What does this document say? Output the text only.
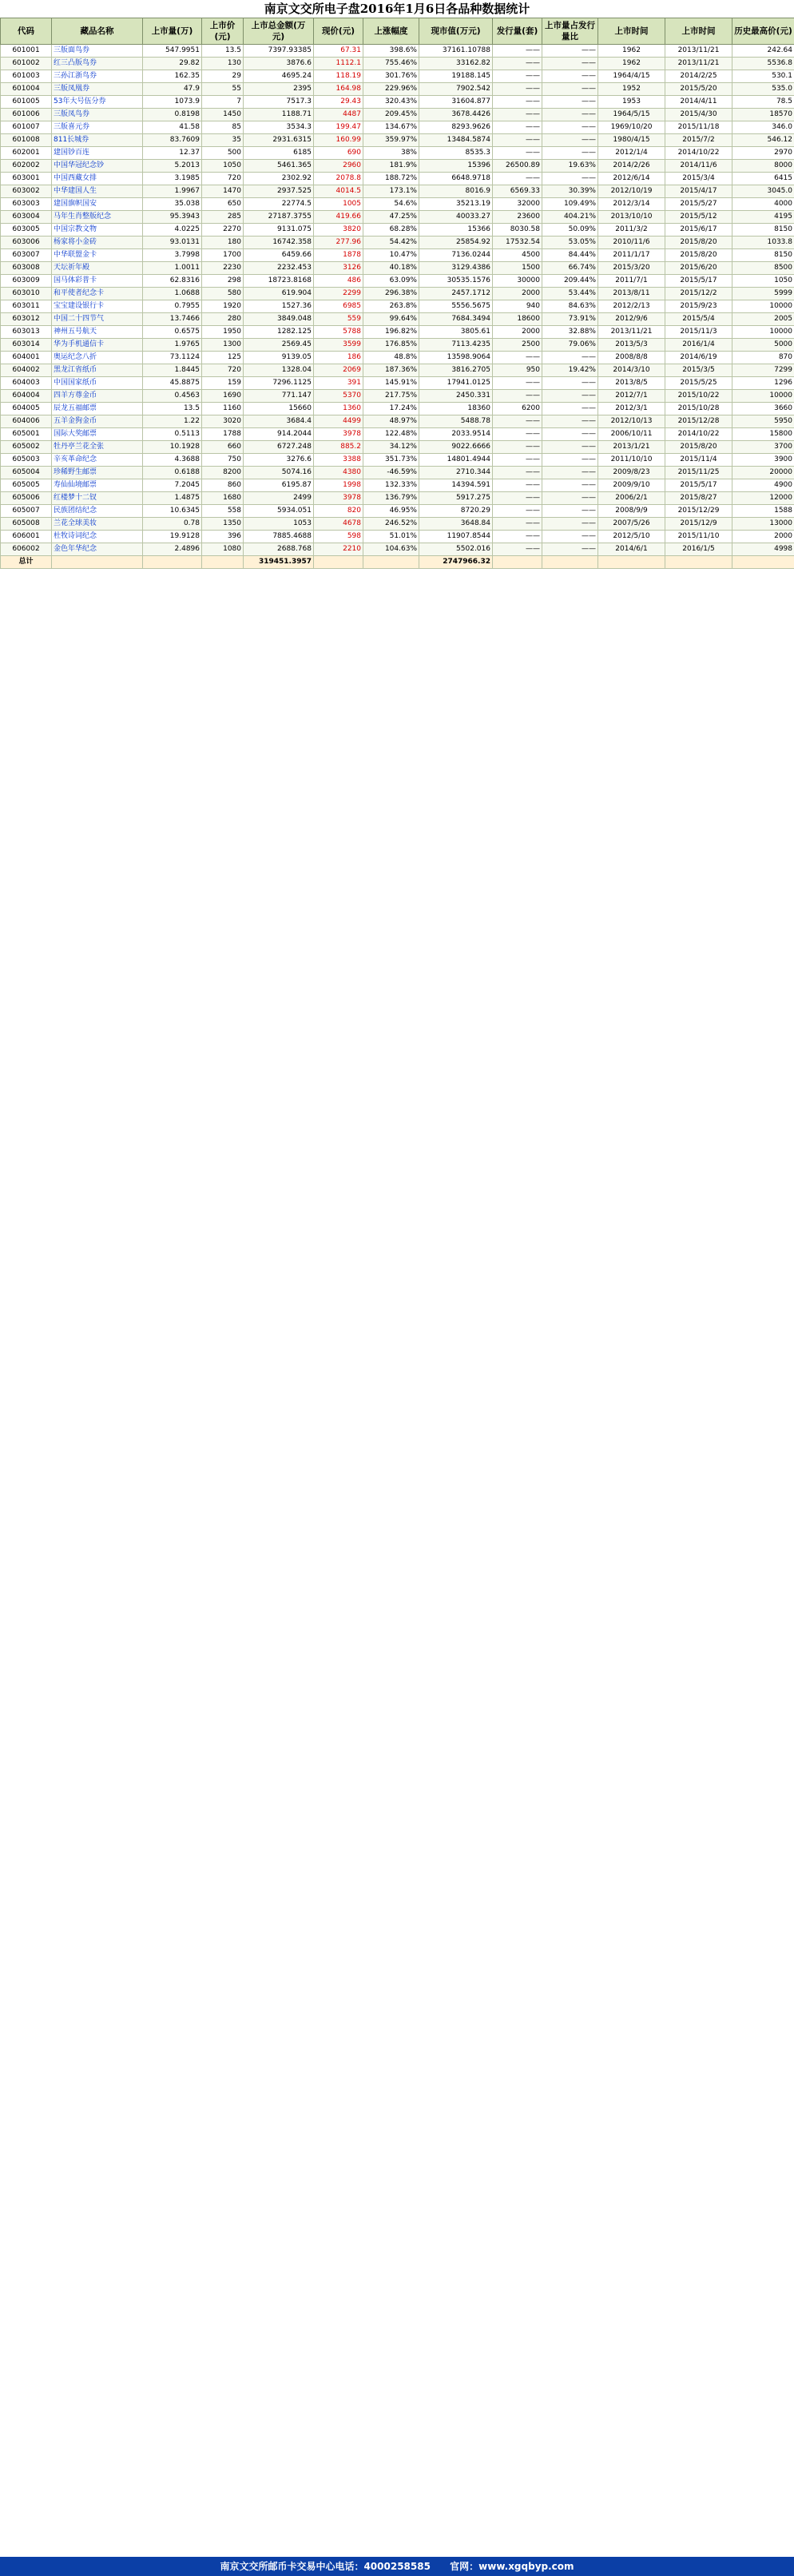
南京文交所电子盘2016年1月6日各品种数据统计
代码	藏品名称	上市量(万)	上市价(元)	上市总金额(万元)	现价(元)	上涨幅度	现市值(万元)	发行量(套)	上市量占发行量比	上市时间	上市时间	历史最高价(元)
601001	三版面鸟券	547.9951	13.5	7397.93385	67.31	398.6%	37161.10788	——	——	1962	2013/11/21	242.64
601002	红三凸版鸟券	29.82	130	3876.6	1112.1	755.46%	33162.82	——	——	1962	2013/11/21	5536.8
601003	三孙江浙鸟券	162.35	29	4695.24	118.19	301.76%	19188.145	——	——	1964/4/15	2014/2/25	530.1
601004	三版凤凰券	47.9	55	2395	164.98	229.96%	7902.542	——	——	1952	2015/5/20	535.0
601005	53年大号伍分券	1073.9	7	7517.3	29.43	320.43%	31604.877	——	——	1953	2014/4/11	78.5
601006	三版凤鸟券	0.8198	1450	1188.71	4487	209.45%	3678.4426	——	——	1964/5/15	2015/4/30	18570
601007	三版喜元券	41.58	85	3534.3	199.47	134.67%	8293.9626	——	——	1969/10/20	2015/11/18	346.0
601008	811长城券	83.7609	35	2931.6315	160.99	359.97%	13484.5874	——	——	1980/4/15	2015/7/2	546.12
602001	建国钞百连	12.37	500	6185	690	38%	8535.3	——	——	2012/1/4	2014/10/22	2970
602002	中国华冠纪念钞	5.2013	1050	5461.365	2960	181.9%	15396	26500.89	19.63%	2014/2/26	2014/11/6	8000
603001	中国西藏女排	3.1985	720	2302.92	2078.8	188.72%	6648.9718	——	——	2012/6/14	2015/3/4	6415
603002	中华建国人生	1.9967	1470	2937.525	4014.5	173.1%	8016.9	6569.33	30.39%	2012/10/19	2015/4/17	3045.0
603003	建国旗帜国安	35.038	650	22774.5	1005	54.6%	35213.19	32000	109.49%	2012/3/14	2015/5/27	4000
603004	马年生肖整版纪念	95.3943	285	27187.3755	419.66	47.25%	40033.27	23600	404.21%	2013/10/10	2015/5/12	4195
603005	中国宗教文物	4.0225	2270	9131.075	3820	68.28%	15366	8030.58	50.09%	2011/3/2	2015/6/17	8150
603006	杨家将小金砖	93.0131	180	16742.358	277.96	54.42%	25854.92	17532.54	53.05%	2010/11/6	2015/8/20	1033.8
603007	中华联盟金卡	3.7998	1700	6459.66	1878	10.47%	7136.0244	4500	84.44%	2011/1/17	2015/8/20	8150
603008	天坛祈年殿	1.0011	2230	2232.453	3126	40.18%	3129.4386	1500	66.74%	2015/3/20	2015/6/20	8500
603009	国马体彩普卡	62.8316	298	18723.8168	486	63.09%	30535.1576	30000	209.44%	2011/7/1	2015/5/17	1050
603010	和平使者纪念卡	1.0688	580	619.904	2299	296.38%	2457.1712	2000	53.44%	2013/8/11	2015/12/2	5999
603011	宝宝建设银行卡	0.7955	1920	1527.36	6985	263.8%	5556.5675	940	84.63%	2012/2/13	2015/9/23	10000
603012	中国二十四节气	13.7466	280	3849.048	559	99.64%	7684.3494	18600	73.91%	2012/9/6	2015/5/4	2005
603013	神州五号航天	0.6575	1950	1282.125	5788	196.82%	3805.61	2000	32.88%	2013/11/21	2015/11/3	10000
603014	华为手机通信卡	1.9765	1300	2569.45	3599	176.85%	7113.4235	2500	79.06%	2013/5/3	2016/1/4	5000
604001	奥运纪念八折	73.1124	125	9139.05	186	48.8%	13598.9064	——	——	2008/8/8	2014/6/19	870
604002	黑龙江省纸币	1.8445	720	1328.04	2069	187.36%	3816.2705	950	19.42%	2014/3/10	2015/3/5	7299
604003	中国国家纸币	45.8875	159	7296.1125	391	145.91%	17941.0125	——	——	2013/8/5	2015/5/25	1296
604004	四羊方尊金币	0.4563	1690	771.147	5370	217.75%	2450.331	——	——	2012/7/1	2015/10/22	10000
604005	辰龙五福邮票	13.5	1160	15660	1360	17.24%	18360	6200	——	2012/3/1	2015/10/28	3660
604006	五羊金狗金币	1.22	3020	3684.4	4499	48.97%	5488.78	——	——	2012/10/13	2015/12/28	5950
605001	国际大奖邮票	0.5113	1788	914.2044	3978	122.48%	2033.9514	——	——	2006/10/11	2014/10/22	15800
605002	牡丹亭兰花全张	10.1928	660	6727.248	885.2	34.12%	9022.6666	——	——	2013/1/21	2015/8/20	3700
605003	辛亥革命纪念	4.3688	750	3276.6	3388	351.73%	14801.4944	——	——	2011/10/10	2015/11/4	3900
605004	珍稀野生邮票	0.6188	8200	5074.16	4380	-46.59%	2710.344	——	——	2009/8/23	2015/11/25	20000
605005	寿仙仙境邮票	7.2045	860	6195.87	1998	132.33%	14394.591	——	——	2009/9/10	2015/5/17	4900
605006	红楼梦十二钗	1.4875	1680	2499	3978	136.79%	5917.275	——	——	2006/2/1	2015/8/27	12000
605007	民族团结纪念	10.6345	558	5934.051	820	46.95%	8720.29	——	——	2008/9/9	2015/12/29	1588
605008	兰花全球美妆	0.78	1350	1053	4678	246.52%	3648.84	——	——	2007/5/26	2015/12/9	13000
606001	杜牧诗词纪念	19.9128	396	7885.4688	598	51.01%	11907.8544	——	——	2012/5/10	2015/11/10	2000
606002	金色年华纪念	2.4896	1080	2688.768	2210	104.63%	5502.016	——	——	2014/6/1	2016/1/5	4998
总计				319451.3957			2747966.32					
南京文交所邮币卡交易中心电话：4000258585 官网：www.xgqbyp.com
